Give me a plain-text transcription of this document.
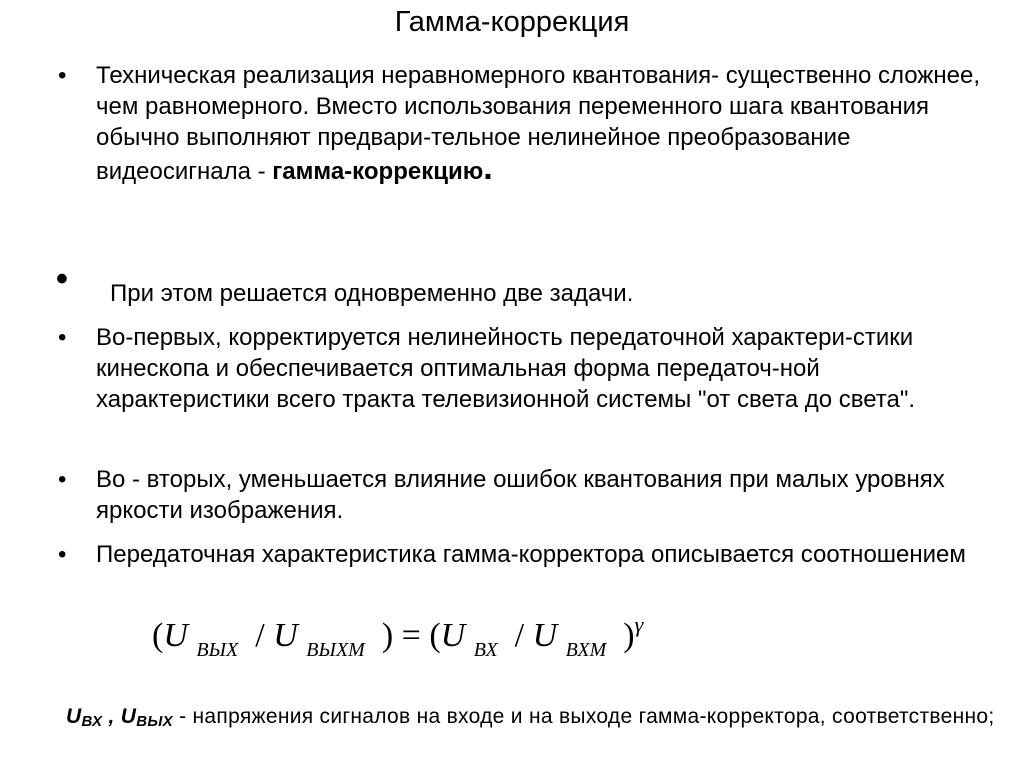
Гамма-коррекция
• Техническая реализация неравномерного квантования- существенно сложнее, чем равномерного. Вместо использования переменного шага квантования обычно выполняют предвари-тельное нелинейное преобразование видеосигнала - гамма-коррекцию.
• При этом решается одновременно две задачи.
• Во-первых, корректируется нелинейность передаточной характери-стики кинескопа и обеспечивается оптимальная форма передаточ-ной характеристики всего тракта телевизионной системы "от света до света".
• Во - вторых, уменьшается влияние ошибок квантования при малых уровнях яркости изображения.
• Передаточная характеристика гамма-корректора описывается соотношением
(U $_{ВЫХ}$  / U $_{ВЫХМ}$  ) = (U $_{ВХ}$  / U $_{ВХМ}$  )$^\gamma$
$U_{ВХ}$ , $U_{ВЫХ}$ - напряжения сигналов на входе и на выходе гамма-корректора, соответственно;
